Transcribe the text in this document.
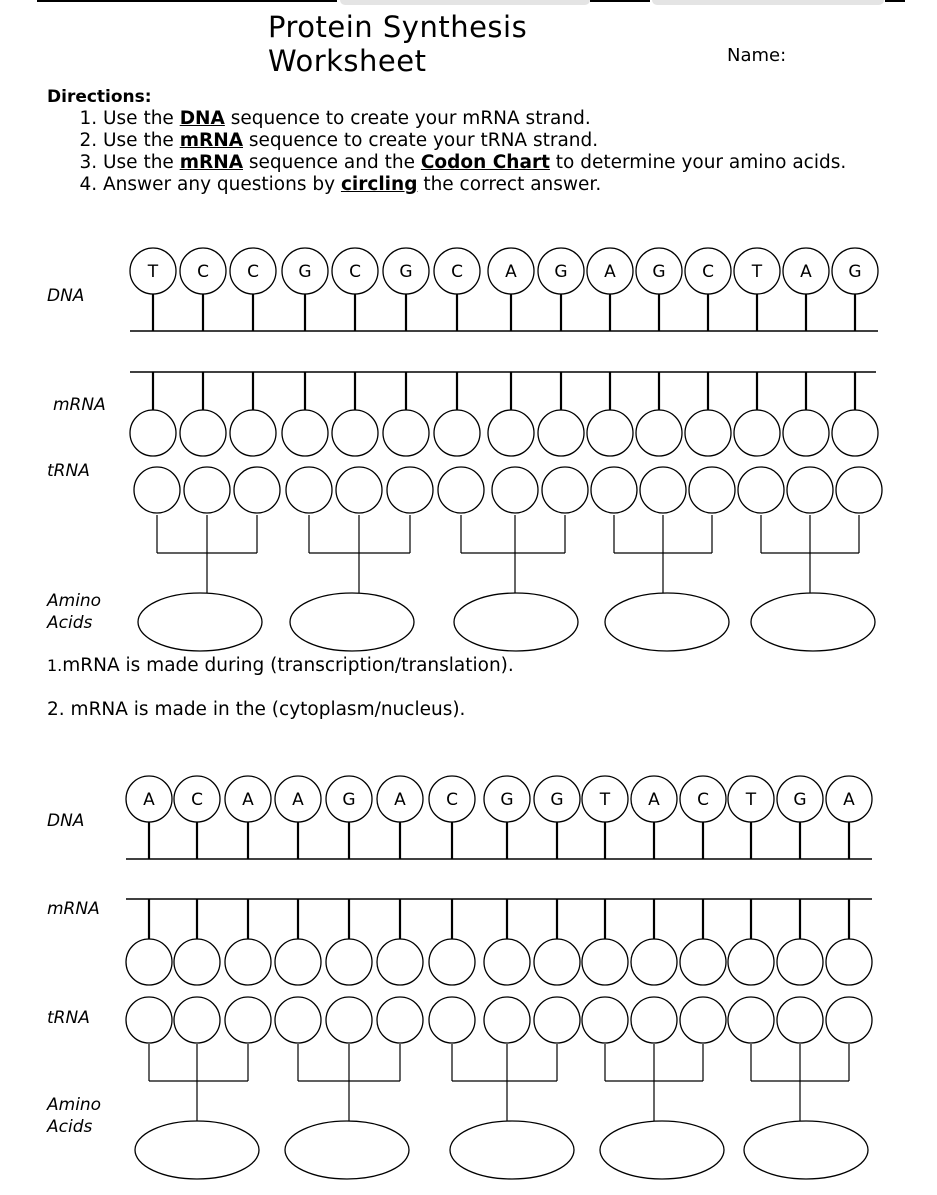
Protein Synthesis
Worksheet	Name:
Directions:
1. Use the DNA sequence to create your mRNA strand.
2. Use the mRNA sequence to create your tRNA strand.
3. Use the mRNA sequence and the Codon Chart to determine your amino acids.
4. Answer any questions by circling the correct answer.
DNA
mRNA
tRNA
Amino
Acids
1.mRNA is made during (transcription/translation).
2. mRNA is made in the (cytoplasm/nucleus).
DNA
mRNA
tRNA
Amino
Acids
T C C G C G C A G A G C T A G
A C A A G A C G G T A C T G A
